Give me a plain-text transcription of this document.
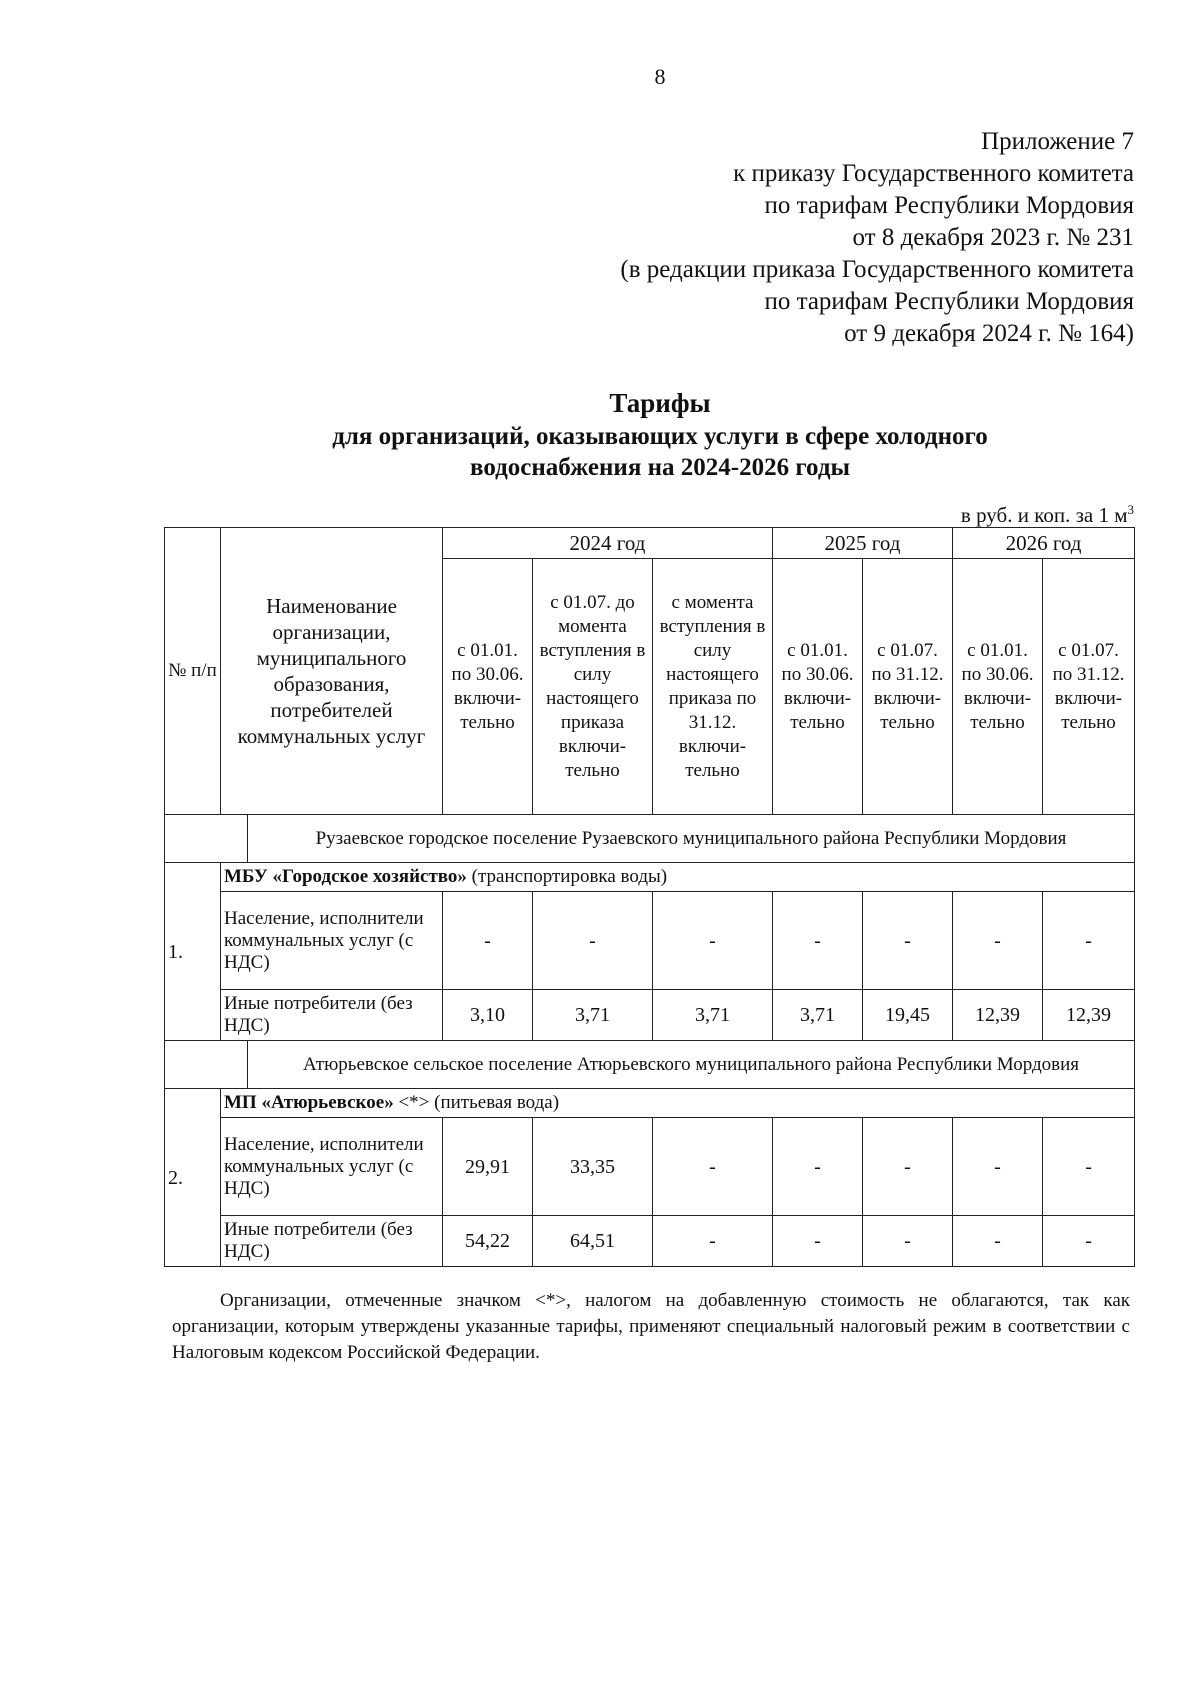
8
Приложение 7
к приказу Государственного комитета
по тарифам Республики Мордовия
от 8 декабря 2023 г. № 231
(в редакции приказа Государственного комитета
по тарифам Республики Мордовия
от 9 декабря 2024 г. № 164)
Тарифы
для организаций, оказывающих услуги в сфере холодного
водоснабжения на 2024-2026 годы
в руб. и коп. за 1 $м^3$
№ п/п	Наименование организации, муниципального образования, потребителей коммунальных услуг		2024 год			2025 год		2026 год	
			с 01.01. по 30.06. включи-тельно	с 01.07. до момента вступления в силу настоящего приказа включи-тельно	с момента вступления в силу настоящего приказа по 31.12. включи-тельно	с 01.01. по 30.06. включи-тельно	с 01.07. по 31.12. включи-тельно	с 01.01. по 30.06. включи-тельно	с 01.07. по 31.12. включи-тельно
		Рузаевское городское поселение Рузаевского муниципального района Республики Мордовия							
1.	МБУ «Городское хозяйство» (транспортировка воды)								
	Население, исполнители коммунальных услуг (с НДС)		-	-	-	-	-	-	-
	Иные потребители (без НДС)		3,10	3,71	3,71	3,71	19,45	12,39	12,39
		Атюрьевское сельское поселение Атюрьевского муниципального района Республики Мордовия							
2.	МП «Атюрьевское» <*> (питьевая вода)								
	Население, исполнители коммунальных услуг (с НДС)		29,91	33,35	-	-	-	-	-
	Иные потребители (без НДС)		54,22	64,51	-	-	-	-	-
Организации, отмеченные значком <*>, налогом на добавленную стоимость не облагаются, так как организации, которым утверждены указанные тарифы, применяют специальный налоговый режим в соответствии с Налоговым кодексом Российской Федерации.
